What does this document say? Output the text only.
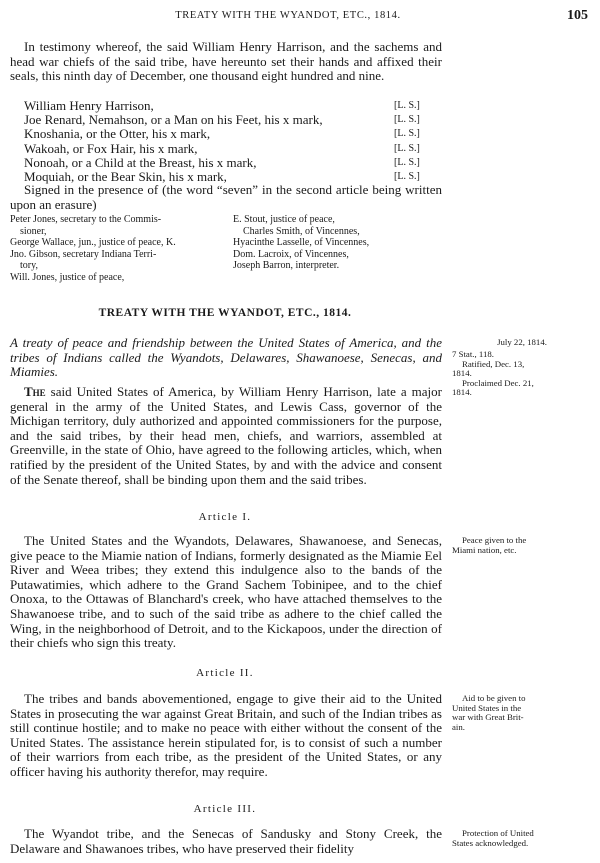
TREATY WITH THE WYANDOT, ETC., 1814.	105

In testimony whereof, the said William Henry Harrison, and the sachems and head war chiefs of the said tribe, have hereunto set their hands and affixed their seals, this ninth day of December, one thousand eight hundred and nine.

William Henry Harrison,	[L. S.]
Joe Renard, Nemahson, or a Man on his Feet, his x mark,	[L. S.]
Knoshania, or the Otter, his x mark,	[L. S.]
Wakoah, or Fox Hair, his x mark,	[L. S.]
Nonoah, or a Child at the Breast, his x mark,	[L. S.]
Moquiah, or the Bear Skin, his x mark,	[L. S.]

Signed in the presence of (the word “seven” in the second article being written upon an erasure)

Peter Jones, secretary to the Commis-
sioner,
George Wallace, jun., justice of peace, K.
Jno. Gibson, secretary Indiana Terri-
tory,
Will. Jones, justice of peace,
E. Stout, justice of peace,
Charles Smith, of Vincennes,
Hyacinthe Lasselle, of Vincennes,
Dom. Lacroix, of Vincennes,
Joseph Barron, interpreter.
TREATY WITH THE WYANDOT, ETC., 1814.

A treaty of peace and friendship between the United States of America, and the tribes of Indians called the Wyandots, Delawares, Shawanoese, Senecas, and Miamies.

July 22, 1814.
7 Stat., 118.
Ratified, Dec. 13,
1814.
Proclaimed Dec. 21,
1814.

The said United States of America, by William Henry Harrison, late a major general in the army of the United States, and Lewis Cass, governor of the Michigan territory, duly authorized and appointed commissioners for the purpose, and the said tribes, by their head men, chiefs, and warriors, assembled at Greenville, in the state of Ohio, have agreed to the following articles, which, when ratified by the president of the United States, by and with the advice and consent of the Senate thereof, shall be binding upon them and the said tribes.

Article I.

The United States and the Wyandots, Delawares, Shawanoese, and Senecas, give peace to the Miamie nation of Indians, formerly designated as the Miamie Eel River and Weea tribes; they extend this indulgence also to the bands of the Putawatimies, which adhere to the Grand Sachem Tobinipee, and to the chief Onoxa, to the Ottawas of Blanchard's creek, who have attached themselves to the Shawanoese tribe, and to such of the said tribe as adhere to the chief called the Wing, in the neighborhood of Detroit, and to the Kickapoos, under the direction of their chiefs who sign this treaty.

Peace given to the
Miami nation, etc.
Article II.

The tribes and bands abovementioned, engage to give their aid to the United States in prosecuting the war against Great Britain, and such of the Indian tribes as still continue hostile; and to make no peace with either without the consent of the United States. The assistance herein stipulated for, is to consist of such a number of their warriors from each tribe, as the president of the United States, or any officer having his authority therefor, may require.

Aid to be given to
United States in the
war with Great Brit-
ain.
Article III.

The Wyandot tribe, and the Senecas of Sandusky and Stony Creek, the Delaware and Shawanoes tribes, who have preserved their fidelity

Protection of United
States acknowledged.
